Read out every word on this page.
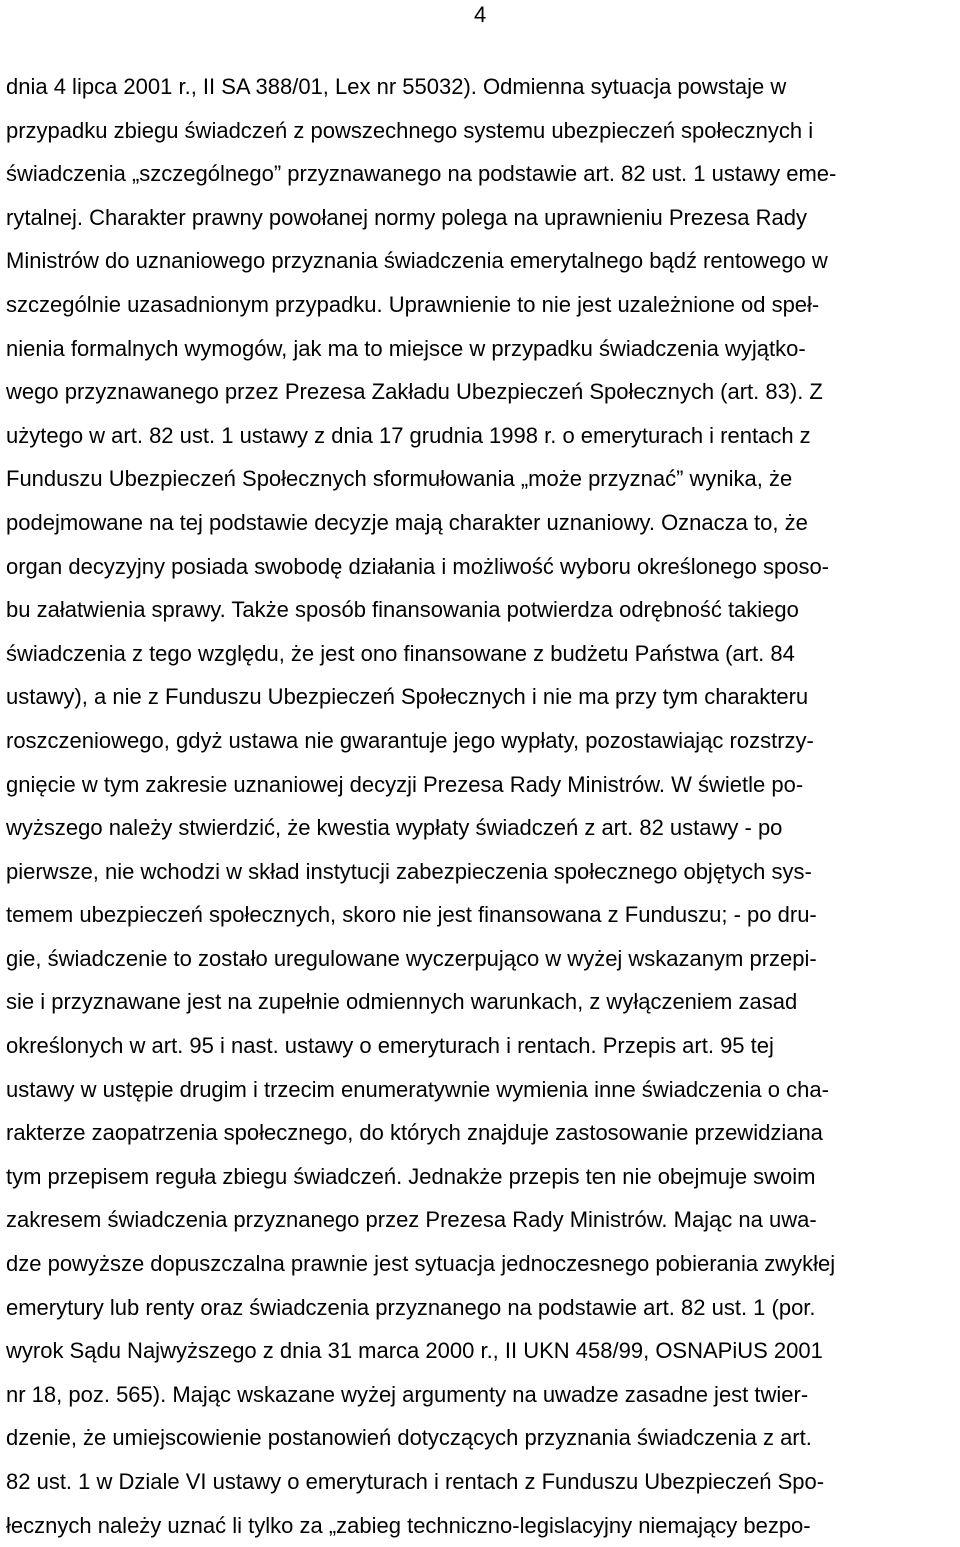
4
dnia 4 lipca 2001 r., II SA 388/01, Lex nr 55032). Odmienna sytuacja powstaje w
przypadku zbiegu świadczeń z powszechnego systemu ubezpieczeń społecznych i
świadczenia „szczególnego” przyznawanego na podstawie art. 82 ust. 1 ustawy eme-
rytalnej. Charakter prawny powołanej normy polega na uprawnieniu Prezesa Rady
Ministrów do uznaniowego przyznania świadczenia emerytalnego bądź rentowego w
szczególnie uzasadnionym przypadku. Uprawnienie to nie jest uzależnione od speł-
nienia formalnych wymogów, jak ma to miejsce w przypadku świadczenia wyjątko-
wego przyznawanego przez Prezesa Zakładu Ubezpieczeń Społecznych (art. 83). Z
użytego w art. 82 ust. 1 ustawy z dnia 17 grudnia 1998 r. o emeryturach i rentach z
Funduszu Ubezpieczeń Społecznych sformułowania „może przyznać” wynika, że
podejmowane na tej podstawie decyzje mają charakter uznaniowy. Oznacza to, że
organ decyzyjny posiada swobodę działania i możliwość wyboru określonego sposo-
bu załatwienia sprawy. Także sposób finansowania potwierdza odrębność takiego
świadczenia z tego względu, że jest ono finansowane z budżetu Państwa (art. 84
ustawy), a nie z Funduszu Ubezpieczeń Społecznych i nie ma przy tym charakteru
roszczeniowego, gdyż ustawa nie gwarantuje jego wypłaty, pozostawiając rozstrzy-
gnięcie w tym zakresie uznaniowej decyzji Prezesa Rady Ministrów. W świetle po-
wyższego należy stwierdzić, że kwestia wypłaty świadczeń z art. 82 ustawy - po
pierwsze, nie wchodzi w skład instytucji zabezpieczenia społecznego objętych sys-
temem ubezpieczeń społecznych, skoro nie jest finansowana z Funduszu; - po dru-
gie, świadczenie to zostało uregulowane wyczerpująco w wyżej wskazanym przepi-
sie i przyznawane jest na zupełnie odmiennych warunkach, z wyłączeniem zasad
określonych w art. 95 i nast. ustawy o emeryturach i rentach. Przepis art. 95 tej
ustawy w ustępie drugim i trzecim enumeratywnie wymienia inne świadczenia o cha-
rakterze zaopatrzenia społecznego, do których znajduje zastosowanie przewidziana
tym przepisem reguła zbiegu świadczeń. Jednakże przepis ten nie obejmuje swoim
zakresem świadczenia przyznanego przez Prezesa Rady Ministrów. Mając na uwa-
dze powyższe dopuszczalna prawnie jest sytuacja jednoczesnego pobierania zwykłej
emerytury lub renty oraz świadczenia przyznanego na podstawie art. 82 ust. 1 (por.
wyrok Sądu Najwyższego z dnia 31 marca 2000 r., II UKN 458/99, OSNAPiUS 2001
nr 18, poz. 565). Mając wskazane wyżej argumenty na uwadze zasadne jest twier-
dzenie, że umiejscowienie postanowień dotyczących przyznania świadczenia z art.
82 ust. 1 w Dziale VI ustawy o emeryturach i rentach z Funduszu Ubezpieczeń Spo-
łecznych należy uznać li tylko za „zabieg techniczno-legislacyjny niemający bezpo-
